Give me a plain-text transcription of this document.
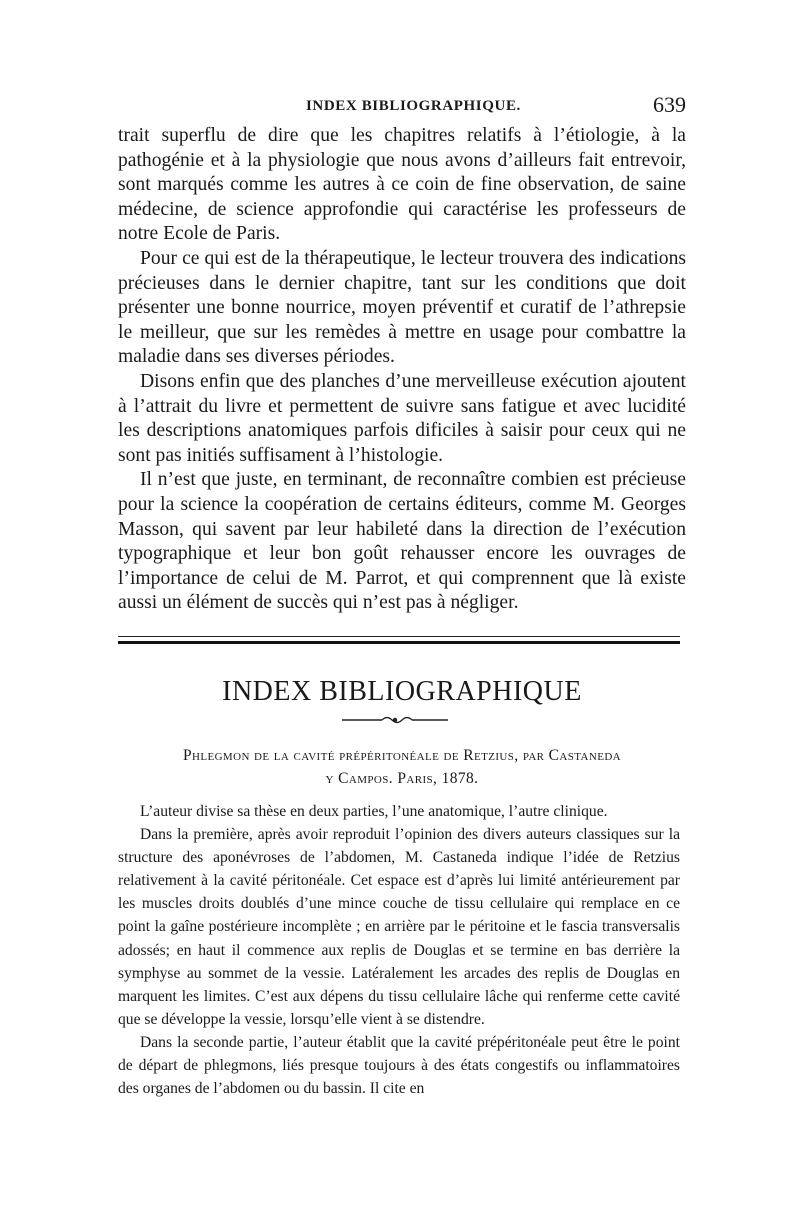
INDEX BIBLIOGRAPHIQUE.	639

trait superflu de dire que les chapitres relatifs à l’étiologie, à la pathogénie et à la physiologie que nous avons d’ailleurs fait entrevoir, sont marqués comme les autres à ce coin de fine observation, de saine médecine, de science approfondie qui caractérise les professeurs de notre Ecole de Paris.

Pour ce qui est de la thérapeutique, le lecteur trouvera des indications précieuses dans le dernier chapitre, tant sur les conditions que doit présenter une bonne nourrice, moyen préventif et curatif de l’athrepsie le meilleur, que sur les remèdes à mettre en usage pour combattre la maladie dans ses diverses périodes.

Disons enfin que des planches d’une merveilleuse exécution ajoutent à l’attrait du livre et permettent de suivre sans fatigue et avec lucidité les descriptions anatomiques parfois dificiles à saisir pour ceux qui ne sont pas initiés suffisament à l’histologie.

Il n’est que juste, en terminant, de reconnaître combien est précieuse pour la science la coopération de certains éditeurs, comme M. Georges Masson, qui savent par leur habileté dans la direction de l’exécution typographique et leur bon goût rehausser encore les ouvrages de l’importance de celui de M. Parrot, et qui comprennent que là existe aussi un élément de succès qui n’est pas à négliger.

INDEX BIBLIOGRAPHIQUE
Phlegmon de la cavité prépéritonéale de Retzius, par Castaneda
y Campos. Paris, 1878.

L’auteur divise sa thèse en deux parties, l’une anatomique, l’autre clinique.

Dans la première, après avoir reproduit l’opinion des divers auteurs classiques sur la structure des aponévroses de l’abdomen, M. Castaneda indique l’idée de Retzius relativement à la cavité péritonéale. Cet espace est d’après lui limité antérieurement par les muscles droits doublés d’une mince couche de tissu cellulaire qui remplace en ce point la gaîne postérieure incomplète ; en arrière par le péritoine et le fascia transversalis adossés; en haut il commence aux replis de Douglas et se termine en bas derrière la symphyse au sommet de la vessie. Latéralement les arcades des replis de Douglas en marquent les limites. C’est aux dépens du tissu cellulaire lâche qui renferme cette cavité que se développe la vessie, lorsqu’elle vient à se distendre.

Dans la seconde partie, l’auteur établit que la cavité prépéritonéale peut être le point de départ de phlegmons, liés presque toujours à des états congestifs ou inflammatoires des organes de l’abdomen ou du bassin. Il cite en
